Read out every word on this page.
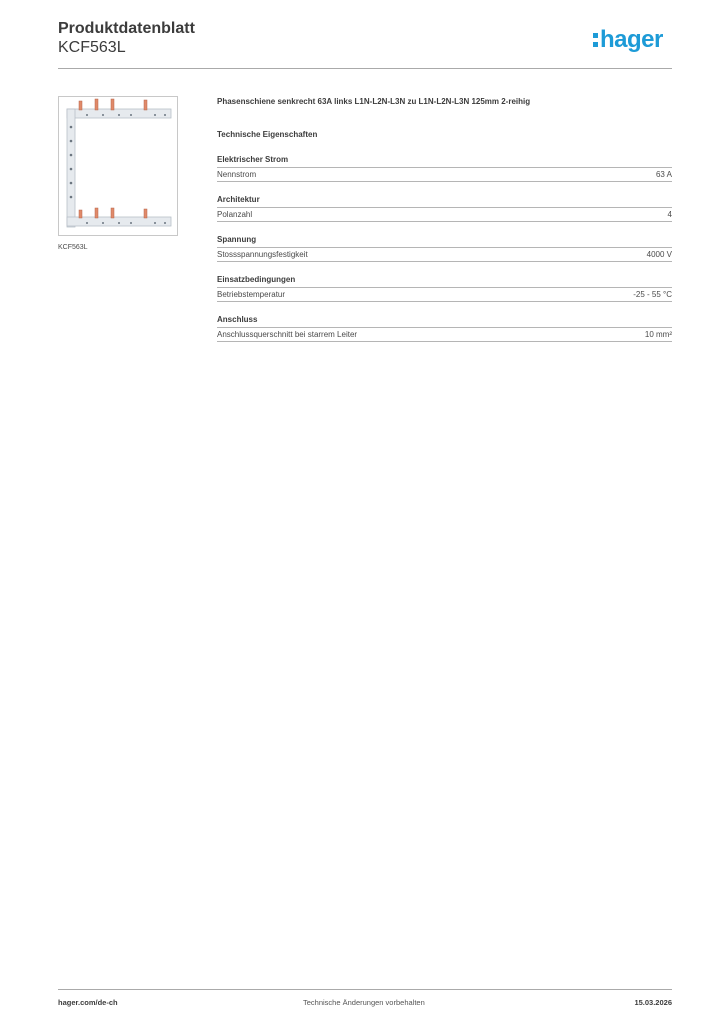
Produktdatenblatt
KCF563L	hager
KCF563L
Phasenschiene senkrecht 63A links L1N-L2N-L3N zu L1N-L2N-L3N 125mm 2-reihig
Technische Eigenschaften
Elektrischer Strom
Nennstrom	63 A
Architektur
Polanzahl	4
Spannung
Stossspannungsfestigkeit	4000 V
Einsatzbedingungen
Betriebstemperatur	-25 - 55 °C
Anschluss
Anschlussquerschnitt bei starrem Leiter	10 mm²
hager.com/de-ch	Technische Änderungen vorbehalten	15.03.2026
